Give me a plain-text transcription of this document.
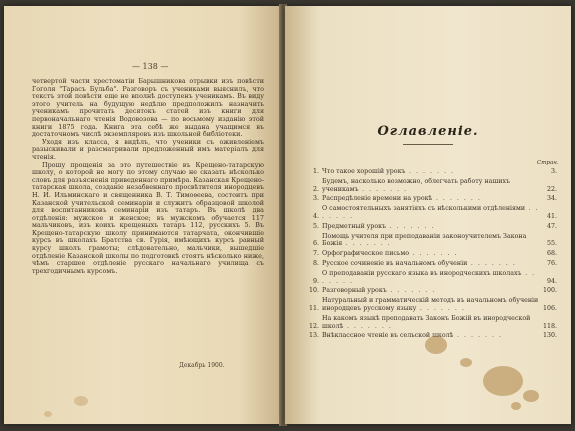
— 138 —

четвертой части хрестоматіи Барышникова отрывки изъ повѣсти Гоголя "Тарасъ Бульба". Разговоръ съ учениками выяснилъ, что текстъ этой повѣсти еще не вполнѣ доступенъ ученикамъ. Въ виду этого учитель на будущую недѣлю предположилъ назначить ученикамъ прочитать десятокъ статей изъ книги для первоначальнаго чтенія Водовозова — по восьмому изданію этой книги 1875 года. Книга эта себѣ же выдана учащимся въ достаточномъ числѣ экземпляровъ изъ школьной библіотеки.

Уходя изъ класса, я видѣлъ, что ученики съ оживленіемъ разыскивали и разсматривали предложенный имъ матеріалъ для чтенія.

Прошу прощенія за это путешествіе въ Крещено-татарскую школу, о которой не могу по этому случаю не сказать нѣсколько словъ для разъясненія приведеннаго примѣра. Казанская Крещено-татарская школа, созданіе незабвеннаго просвѣтителя инородцевъ Н. И. Ильминскаго и священника В. Т. Тимоѳеева, состоитъ при Казанской учительской семинаріи и служитъ образцовой школой для воспитанниковъ семинаріи изъ татаръ. Въ школѣ два отдѣленія: мужское и женское; въ мужскомъ обучается 117 мальчиковъ, изъ коихъ крещеныхъ татаръ 112, русскихъ 5. Въ Крещено-татарскую школу принимаются татарчата, окончившіе курсъ въ школахъ Братства св. Гурія, имѣющихъ курсъ равный курсу школъ грамоты; слѣдовательно, мальчики, вышедшіе отдѣленіе Казанской школы по подготовкѣ стоятъ нѣсколько ниже, чѣмъ старшее отдѣленіе русскаго начальнаго училища съ трехгодичнымъ курсомъ.

Декабрь 1900.
Оглавленіе.
Стран.
1. Что такое хорошій урокъ . . . . . . .	3.
2.
Будемъ, насколько возможно, облегчать работу нашихъ ученикамъ . . . . . . .	22.
3. Распредѣленіе времени на урокѣ . . . . . . .	34.
4.
О самостоятельныхъ занятіяхъ съ нѣсколькими отдѣленіями . . . . . . .	41.
5. Предметный урокъ . . . . . . .	47.
6.
Помощь учителя при преподаваніи законоучителемъ Закона Божія . . . . . . .	55.
7. Орфографическое письмо . . . . . . .	68.
8. Русское сочиненіе въ начальномъ обученіи . . . . . . .	76.
9.
О преподаваніи русскаго языка въ инородческихъ школахъ . . . . . . .	94.
10. Разговорный урокъ . . . . . . .	100.
11.
Натуральный и грамматическій методъ въ начальномъ обученіи инородцевъ русскому языку . . . . . . .	106.
12.
На какомъ языкѣ преподавать Законъ Божій въ инородческой школѣ . . . . . . .	118.
13. Внѣклассное чтеніе въ сельской школѣ . . . . . . .	130.
